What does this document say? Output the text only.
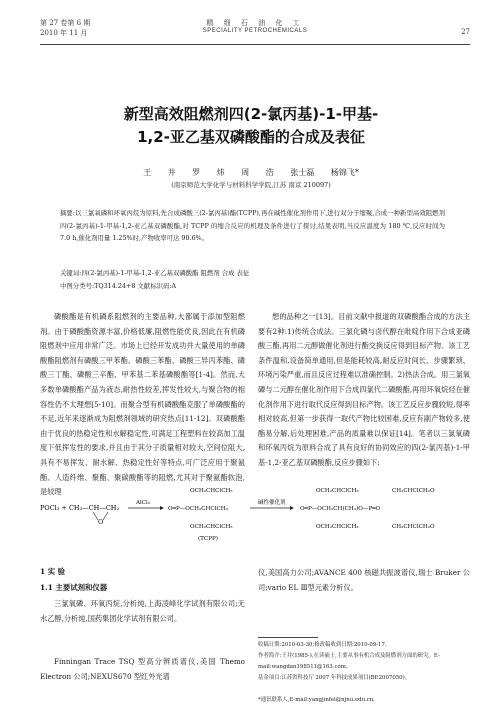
第 27 卷第 6 期
2010 年 11 月
精 细 石 油 化 工
SPECIALITY PETROCHEMICALS	27
新型高效阻燃剂四(2-氯丙基)-1-甲基-
1,2-亚乙基双磷酸酯的合成及表征
王 井 罗 炜 周 浩 张士磊 杨锦飞*
(南京师范大学化学与材料科学学院,江苏 南京 210097)
摘要:以三氯氧磷和环氧丙烷为原料,先合成磷酸三(2-氯丙基)酯(TCPP),再在碱性催化剂作用下,进行双分子缩聚,合成一种新型高效阻燃剂四(2-氯丙基)-1-甲基-1,2-亚乙基双磷酸酯,对 TCPP 的缩合反应的机理及条件进行了探讨,结果表明,当反应温度为 180 ℃,反应时间为 7.0 h,催化剂用量 1.25%时,产物收率可达 90.6%。
关键词:四(2-氯丙基)-1-甲基-1,2-亚乙基双磷酸酯 阻燃剂 合成 表征
中图分类号:TQ314.24+8 文献标识码:A
磷酸酯是有机磷系阻燃剂的主要品种,大都属于添加型阻燃剂。由于磷酸酯资源丰富,价格低廉,阻燃性能优良,因此在有机磷阻燃剂中应用非常广泛。市场上已经开发成功并大量使用的单磷酸酯阻燃剂有磷酸三甲苯酯、磷酸三苯酯、磷酸三异丙苯酯、磷酸三丁酯、磷酸三辛酯、甲苯基二苯基磷酸酯等[1-4]。然而,大多数单磷酸酯产品为液态,耐热性较差,挥发性较大,与聚合物的相容性仍不太理想[5-10]。而聚合型有机磷酸酯克服了单磷酸酯的不足,近年来逐渐成为阻燃剂领域的研究热点[11-12]。双磷酸酯由于优良的热稳定性和水解稳定性,可满足工程塑料在较高加工温度下低挥发性的要求,并且由于其分子质量相对较大,空间位阻大,具有不易挥发、耐水解、热稳定性好等特点,可广泛应用于聚氨酯、人造纤维、聚酯、聚碳酸酯等的阻燃,尤其对于聚氨酯软泡,是较理
想的品种之一[13]。目前文献中报道的双磷酸酯合成的方法主要有2种:1)传统合成法。三氯化磷与卤代醇在吡啶作用下合成亚磷酸三酯,再用二元醇做催化剂进行酯交换反应得到目标产物。该工艺条件温和,设备简单通用,但是能耗较高,耐反应时间长、步骤繁琐、环境污染严重,而且反应过程难以准确控制。2)热法合成。用三氯氧磷与二元醇在催化剂作用下合成四氯代二磷酸酯,再用环氧烷烃在催化剂作用下进行取代反应得到目标产物。该工艺反应步骤较短,得率相对较高,但第一步获得一取代产物比较困难,反应有副产物较多,使酯易分解,后处理困难,产品的质量难以保证[14]。笔者以三氯氧磷和环氧丙烷为原料合成了具有良好的协同效应的四(2-氯丙基)-1-甲基-1,2-亚乙基双磷酸酯,反应步骤如下:
POCl₃ + CH₃—CH—CH₂
O
AlCl₃
OCH₂CHClCH₃
O═P—OCH₂CHClCH₃
OCH₂CHClCH₃
(TCPP)
碱性催化剂
OCH₂CHClCH₃	CH₂CHClCH₂O
O═P—OCH₂CH(CH₃)O—P═O
OCH₂CHClCH₃	CH₃CHClCH₂O
1 实 验
1.1 主要试剂和仪器
三氯氧磷、环氧丙烷,分析纯,上海凌峰化学试剂有限公司;无水乙醇,分析纯,国药集团化学试剂有限公司。
Finningan Trace TSQ 型高分辨质谱仪,美国 Themo Electron 公司;NEXUS670 型红外光谱
仪,美国高力公司;AVANCE 400 核磁共振波谱仪,瑞士 Bruker 公司;vario EL Ⅲ型元素分析仪。
收稿日期:2010-03-30;修改稿收到日期:2010-09-17。
作者简介:王井(1985-),在读硕士,主要从事有机合成及阻燃剂方面的研究。E-mail:wangdan198511@163.com。
基金项目:江苏省科技厅 2007 年科技成果项目(BE2007050)。
*通讯联系人,E-mail:yangjinfei@njnu.edu.cn。
